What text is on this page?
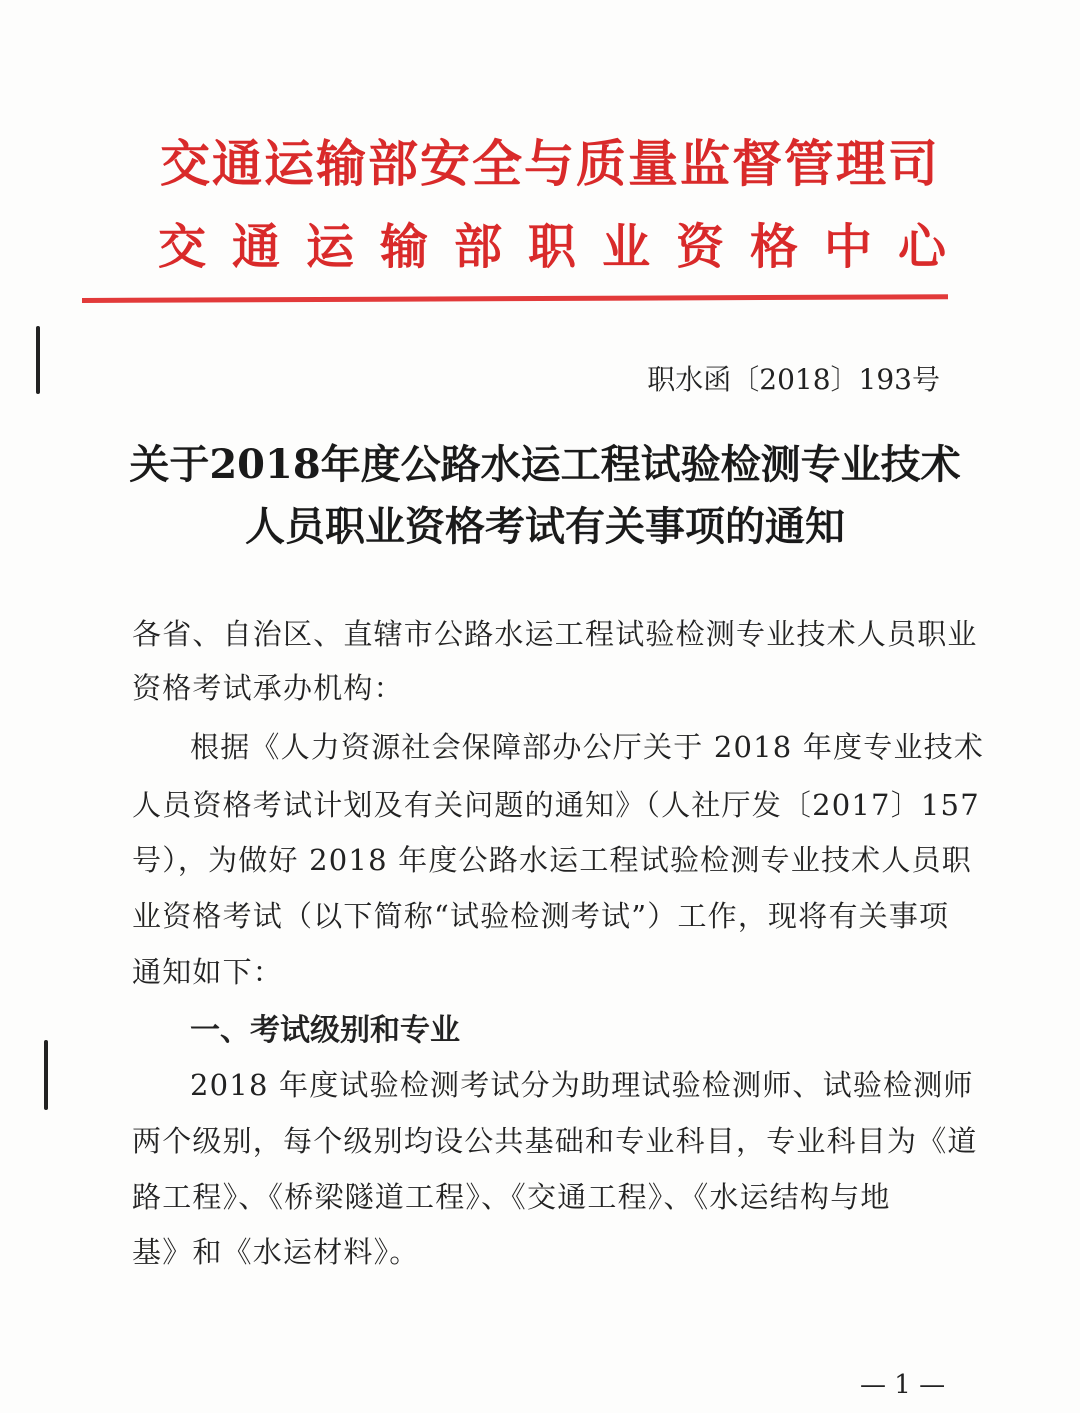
交通运输部安全与质量监督管理司
交通运输部职业资格中心
职水函〔2018〕193号
关于2018年度公路水运工程试验检测专业技术
人员职业资格考试有关事项的通知
各省、自治区、直辖市公路水运工程试验检测专业技术人员职业
资格考试承办机构：
根据《人力资源社会保障部办公厅关于 2018 年度专业技术
人员资格考试计划及有关问题的通知》（人社厅发〔2017〕157
号），为做好 2018 年度公路水运工程试验检测专业技术人员职
业资格考试（以下简称“试验检测考试”）工作，现将有关事项
通知如下：
一、考试级别和专业
2018 年度试验检测考试分为助理试验检测师、试验检测师
两个级别，每个级别均设公共基础和专业科目，专业科目为《道
路工程》、《桥梁隧道工程》、《交通工程》、《水运结构与地
基》和《水运材料》。
— 1 —
